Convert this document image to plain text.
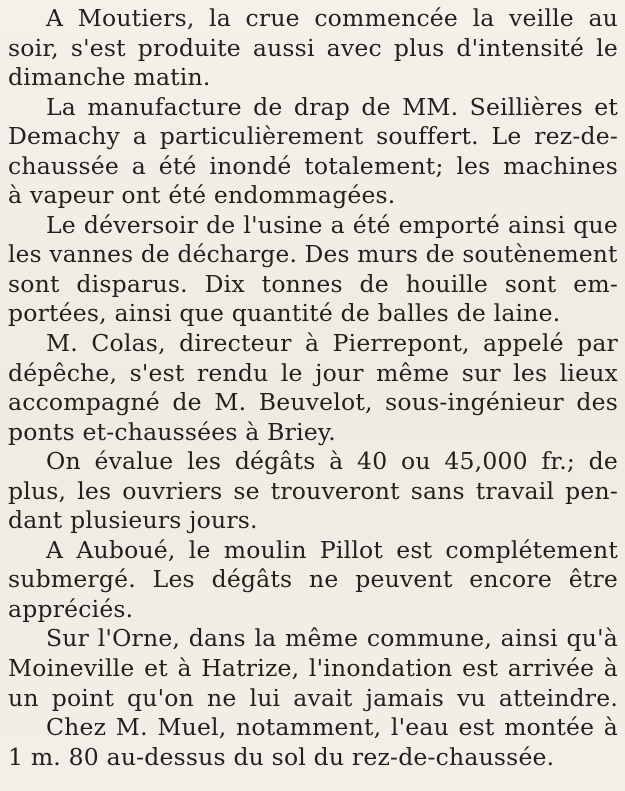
A Moutiers, la crue commencée la veille au
soir, s'est produite aussi avec plus d'intensité le
dimanche matin.
La manufacture de drap de MM. Seillières et
Demachy a particulièrement souffert. Le rez-de-
chaussée a été inondé totalement; les machines
à vapeur ont été endommagées.
Le déversoir de l'usine a été emporté ainsi que
les vannes de décharge. Des murs de soutènement
sont disparus. Dix tonnes de houille sont em-
portées, ainsi que quantité de balles de laine.
M. Colas, directeur à Pierrepont, appelé par
dépêche, s'est rendu le jour même sur les lieux
accompagné de M. Beuvelot, sous-ingénieur des
ponts et-chaussées à Briey.
On évalue les dégâts à 40 ou 45,000 fr.; de
plus, les ouvriers se trouveront sans travail pen-
dant plusieurs jours.
A Auboué, le moulin Pillot est complétement
submergé. Les dégâts ne peuvent encore être
appréciés.
Sur l'Orne, dans la même commune, ainsi qu'à
Moineville et à Hatrize, l'inondation est arrivée à
un point qu'on ne lui avait jamais vu atteindre.
Chez M. Muel, notamment, l'eau est montée à
1 m. 80 au-dessus du sol du rez-de-chaussée.
